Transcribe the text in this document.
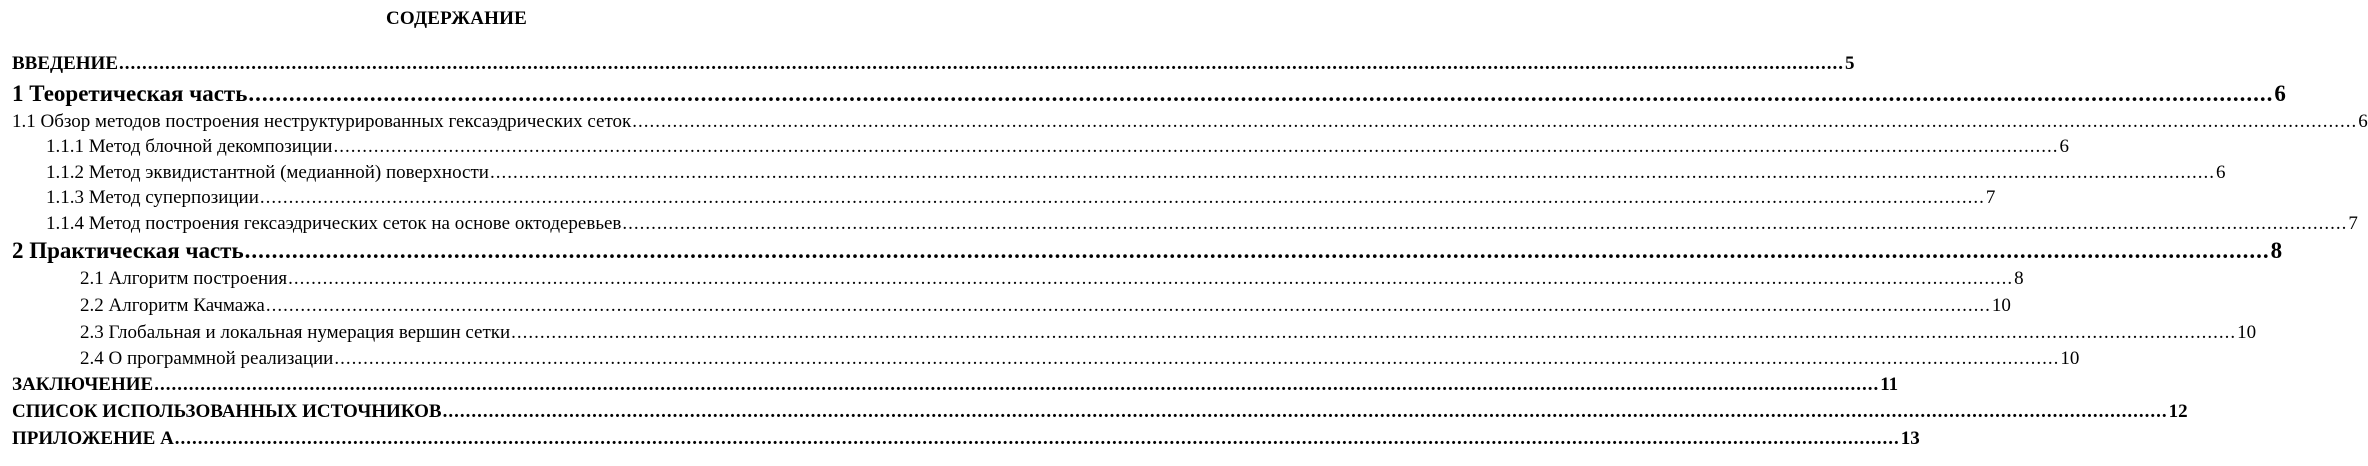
СОДЕРЖАНИЕ
ВВЕДЕНИЕ ............................................................................................................................................................................................................................................................................................................ 5
1 Теоретическая часть ............................................................................................................................................................................................................................................................................................................ 6
1.1 Обзор методов построения неструктурированных гексаэдрических сеток ............................................................................................................................................................................................................................................................................................................ 6
1.1.1 Метод блочной декомпозиции ............................................................................................................................................................................................................................................................................................................ 6
1.1.2 Метод эквидистантной (медианной) поверхности ............................................................................................................................................................................................................................................................................................................ 6
1.1.3 Метод суперпозиции ............................................................................................................................................................................................................................................................................................................ 7
1.1.4 Метод построения гексаэдрических сеток на основе октодеревьев ............................................................................................................................................................................................................................................................................................................ 7
2 Практическая часть ............................................................................................................................................................................................................................................................................................................ 8
2.1 Алгоритм построения ............................................................................................................................................................................................................................................................................................................ 8
2.2 Алгоритм Качмажа ............................................................................................................................................................................................................................................................................................................ 10
2.3 Глобальная и локальная нумерация вершин сетки ............................................................................................................................................................................................................................................................................................................ 10
2.4 О программной реализации ............................................................................................................................................................................................................................................................................................................ 10
ЗАКЛЮЧЕНИЕ ............................................................................................................................................................................................................................................................................................................ 11
СПИСОК ИСПОЛЬЗОВАННЫХ ИСТОЧНИКОВ ............................................................................................................................................................................................................................................................................................................ 12
ПРИЛОЖЕНИЕ А ............................................................................................................................................................................................................................................................................................................ 13
